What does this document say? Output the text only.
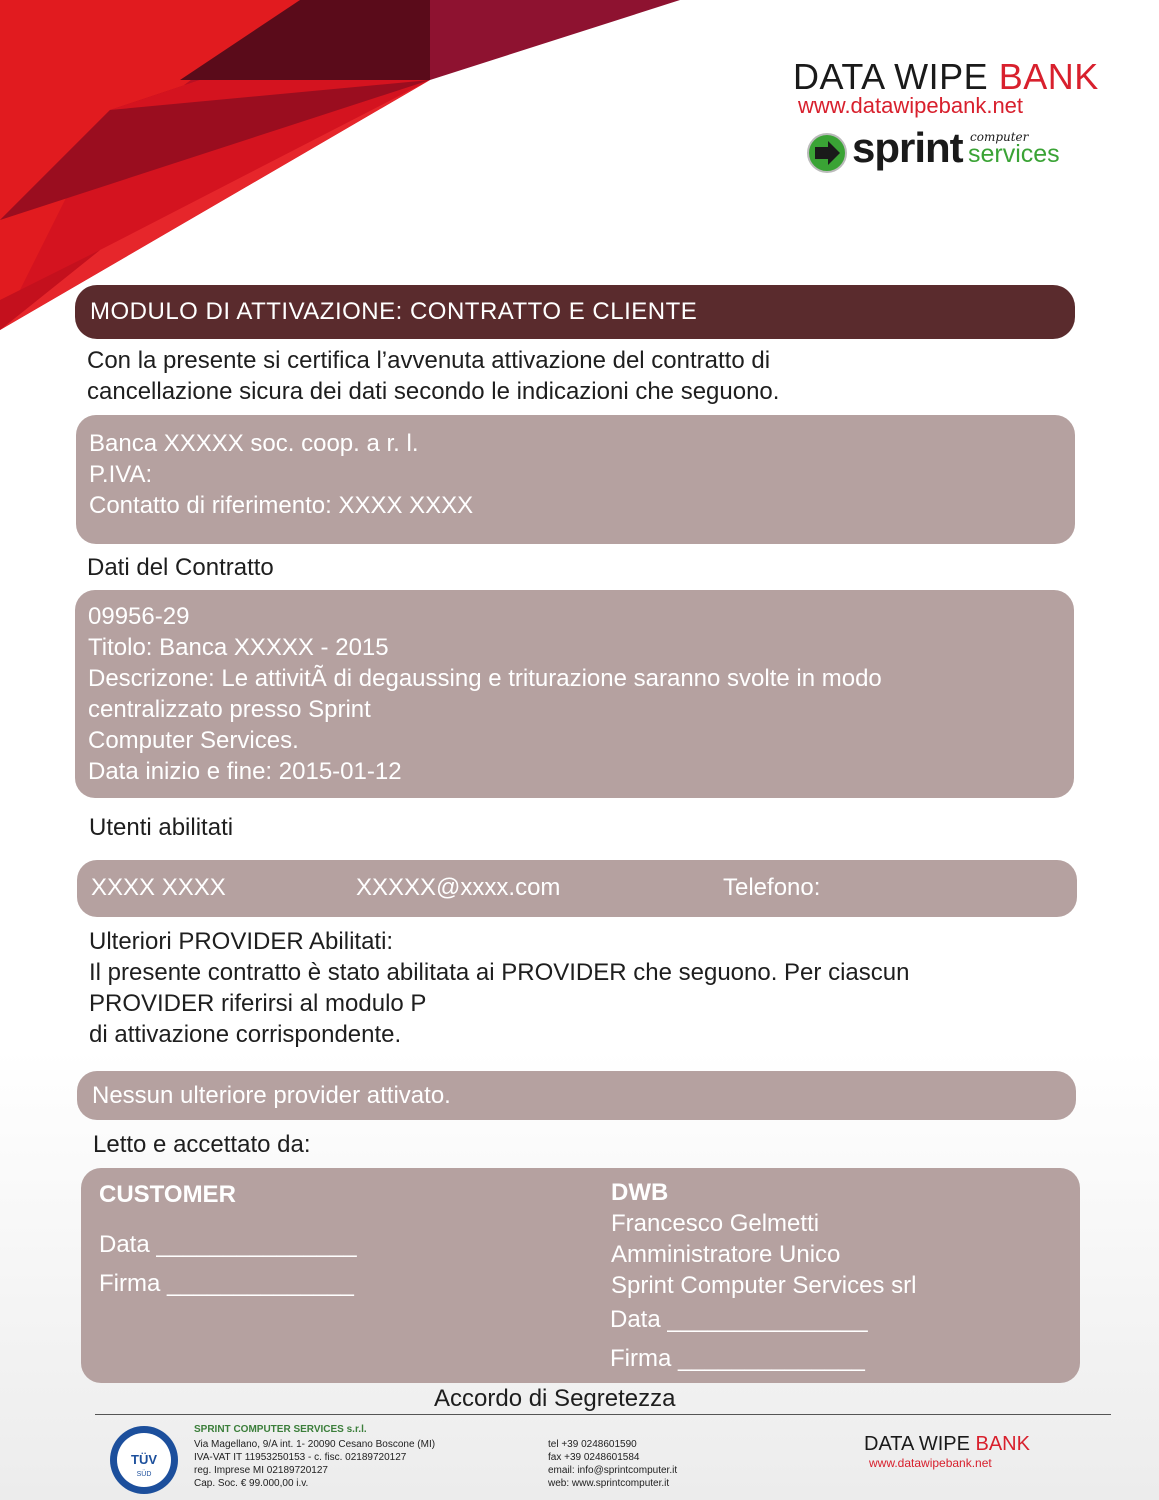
DATA WIPE BANK
www.datawipebank.net
sprint computer
services
MODULO DI ATTIVAZIONE: CONTRATTO E CLIENTE
Con la presente si certifica l’avvenuta attivazione del contratto di
cancellazione sicura dei dati secondo le indicazioni che seguono.
Banca XXXXX soc. coop. a r. l.
P.IVA:
Contatto di riferimento: XXXX XXXX
Dati del Contratto
09956-29
Titolo: Banca XXXXX - 2015
Descrizone: Le attivitÃ di degaussing e triturazione saranno svolte in modo
centralizzato presso Sprint
Computer Services.
Data inizio e fine: 2015-01-12
Utenti abilitati
XXXX XXXX	XXXXX@xxxx.com	Telefono:
Ulteriori PROVIDER Abilitati:
Il presente contratto è stato abilitata ai PROVIDER che seguono. Per ciascun
PROVIDER riferirsi al modulo P
di attivazione corrispondente.
Nessun ulteriore provider attivato.
Letto e accettato da:
CUSTOMER
Data _______________
Firma ______________
DWB
Francesco Gelmetti
Amministratore Unico
Sprint Computer Services srl
Data _______________
Firma ______________
Accordo di Segretezza
TÜV
SÜD
SPRINT COMPUTER SERVICES s.r.l.
Via Magellano, 9/A int. 1- 20090 Cesano Boscone (MI)
IVA-VAT IT 11953250153 - c. fisc. 02189720127
reg. Imprese MI 02189720127
Cap. Soc. € 99.000,00 i.v.
tel +39 0248601590
fax +39 0248601584
email: info@sprintcomputer.it
web: www.sprintcomputer.it
DATA WIPE BANK
www.datawipebank.net
